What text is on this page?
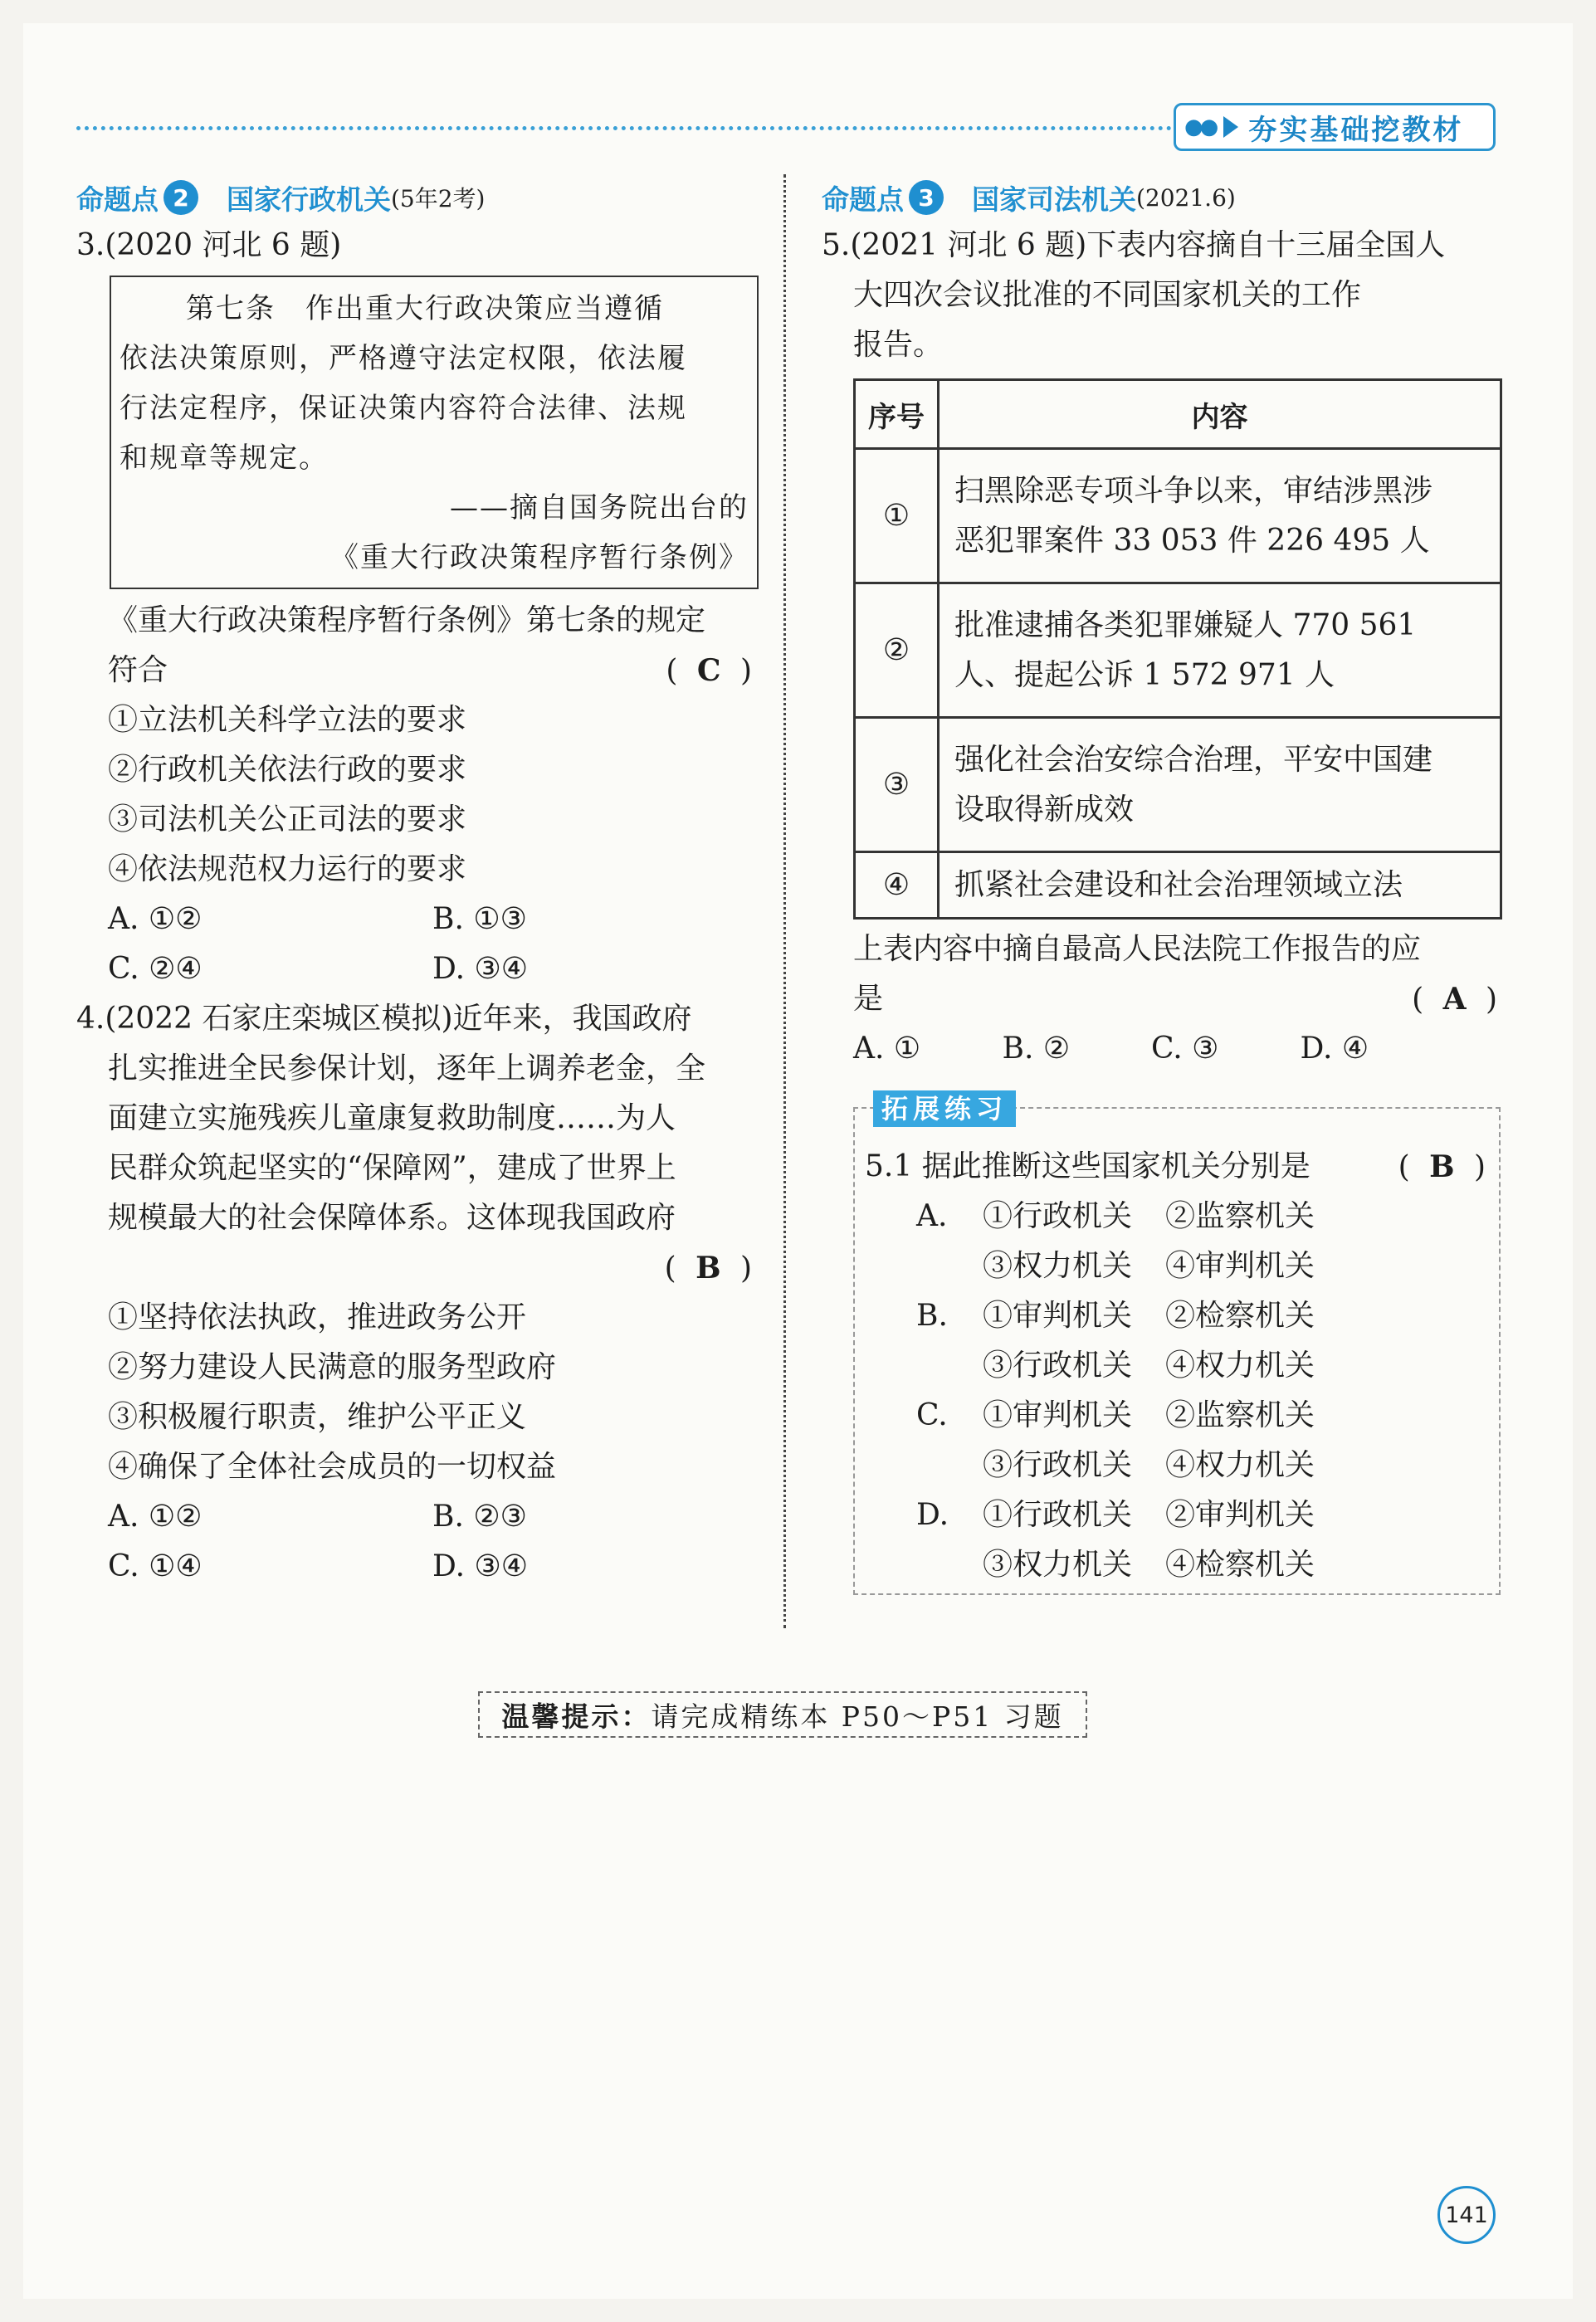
●● 夯实基础挖教材
命题点 2	国家行政机关 (5年2考)
3.(2020 河北 6 题)
第七条　作出重大行政决策应当遵循
依法决策原则，严格遵守法定权限，依法履
行法定程序，保证决策内容符合法律、法规
和规章等规定。
——摘自国务院出台的
《重大行政决策程序暂行条例》
《重大行政决策程序暂行条例》第七条的规定
符合	( C )
①立法机关科学立法的要求
②行政机关依法行政的要求
③司法机关公正司法的要求
④依法规范权力运行的要求
A. ①②	B. ①③
C. ②④	D. ③④
4.(2022 石家庄栾城区模拟)近年来，我国政府
扎实推进全民参保计划，逐年上调养老金，全
面建立实施残疾儿童康复救助制度……为人
民群众筑起坚实的“保障网”，建成了世界上
规模最大的社会保障体系。这体现我国政府
( B )

①坚持依法执政，推进政务公开
②努力建设人民满意的服务型政府
③积极履行职责，维护公平正义
④确保了全体社会成员的一切权益
A. ①②	B. ②③
C. ①④	D. ③④
命题点 3	国家司法机关 (2021.6)
5.(2021 河北 6 题)下表内容摘自十三届全国人
大四次会议批准的不同国家机关的工作
报告。
序号	内容
①	扫黑除恶专项斗争以来，审结涉黑涉
恶犯罪案件 33 053 件 226 495 人

②	批准逮捕各类犯罪嫌疑人 770 561
人、提起公诉 1 572 971 人

③	强化社会治安综合治理，平安中国建
设取得新成效

④	抓紧社会建设和社会治理领域立法
上表内容中摘自最高人民法院工作报告的应
是	( A )
A. ①	B. ②	C. ③	D. ④
拓展练习
5.1 据此推断这些国家机关分别是	( B )
A. ①行政机关 ②监察机关
③权力机关 ④审判机关
B. ①审判机关 ②检察机关
③行政机关 ④权力机关
C. ①审判机关 ②监察机关
③行政机关 ④权力机关
D. ①行政机关 ②审判机关
③权力机关 ④检察机关
温馨提示： 请完成精练本 P50～P51 习题
141
